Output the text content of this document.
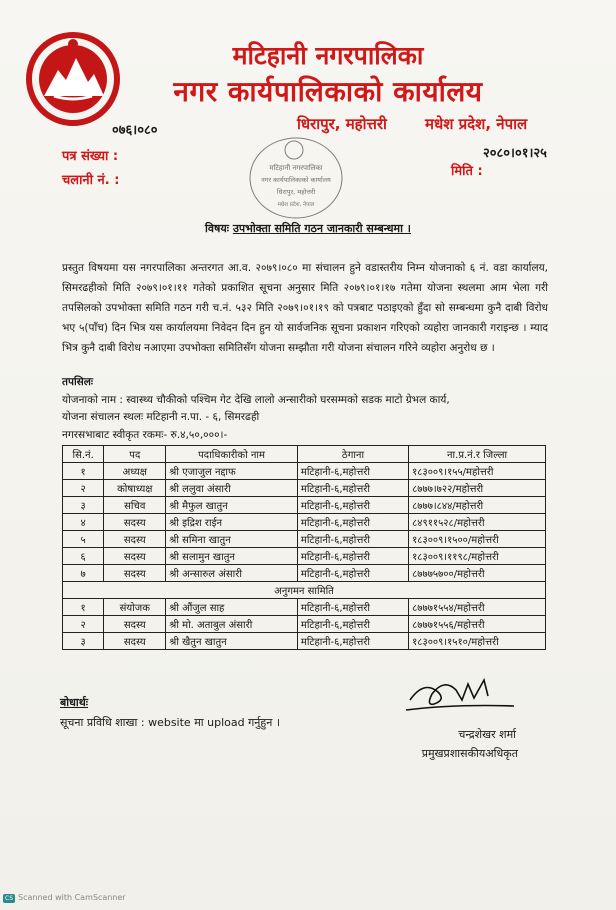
मटिहानी नगरपालिका
नगर कार्यपालिकाको कार्यालय
०७६।०८०	धिरापुर, महोत्तरी	मधेश प्रदेश, नेपाल
पत्र संख्या :
चलानी नं. :
२०८०।०१।२५
मिति :
मटिहानी नगरपालिका
नगर कार्यपालिकाको कार्यालय
धिरापुर, महोत्तरी
मधेश प्रदेश, नेपाल
विषयः उपभोक्ता समिति गठन जानकारी सम्बन्धमा ।
प्रस्तुत विषयमा यस नगरपालिका अन्तरगत आ.व. २०७९।०८० मा संचालन हुने वडास्तरीय निम्न योजनाको ६ नं. वडा कार्यालय, सिमरढहीको मिति २०७९।०१।११ गतेको प्रकाशित सूचना अनुसार मिति २०७९।०१।१७ गतेमा योजना स्थलमा आम भेला गरी तपसिलको उपभोक्ता समिति गठन गरी च.नं. ५३२ मिति २०७९।०१।१९ को पत्रबाट पठाइएको हुँदा सो सम्बन्धमा कुनै दाबी विरोध भए ५(पाँच) दिन भित्र यस कार्यालयमा निवेदन दिन हुन यो सार्वजनिक सूचना प्रकाशन गरिएको व्यहोरा जानकारी गराइन्छ । म्याद भित्र कुनै दाबी विरोध नआएमा उपभोक्ता समितिसँग योजना सम्झौता गरी योजना संचालन गरिने व्यहोरा अनुरोध छ ।
तपसिलः
योजनाको नाम : स्वास्थ्य चौकीको पश्चिम गेट देखि लालो अन्सारीको घरसम्मको सडक माटो ग्रेभल कार्य,
योजना संचालन स्थलः मटिहानी न.पा. - ६, सिमरढही
नगरसभाबाट स्वीकृत रकमः- रु.४,५०,०००।-
सि.नं.	पद	पदाधिकारीको नाम	ठेगाना	ना.प्र.नं.र जिल्ला
१	अध्यक्ष	श्री एजाजुल नद्दाफ	मटिहानी-६,महोत्तरी	१८३००९।१५५/महोत्तरी
२	कोषाध्यक्ष	श्री ललुवा अंसारी	मटिहानी-६,महोत्तरी	८७७७।७२२/महोत्तरी
३	सचिव	श्री मैफुल खातुन	मटिहानी-६,महोत्तरी	८७७७।८४४/महोत्तरी
४	सदस्य	श्री इद्रिश राईन	मटिहानी-६,महोत्तरी	८४९११५२८/महोत्तरी
५	सदस्य	श्री समिना खातुन	मटिहानी-६,महोत्तरी	१८३००९।१५००/महोत्तरी
६	सदस्य	श्री सलामुन खातुन	मटिहानी-६,महोत्तरी	१८३००९।११९८/महोत्तरी
७	सदस्य	श्री अन्सारुल अंसारी	मटिहानी-६,महोत्तरी	८७७७५७००/महोत्तरी
अनुगमन सामिति				
१	संयोजक	श्री औंजुल साह	मटिहानी-६,महोत्तरी	८७७७१५५४/महोत्तरी
२	सदस्य	श्री मो. अताबुल अंसारी	मटिहानी-६,महोत्तरी	८७७७१५५६/महोत्तरी
३	सदस्य	श्री खैतुन खातुन	मटिहानी-६,महोत्तरी	१८३००९।१५१०/महोत्तरी
बोधार्थः
सूचना प्रविधि शाखा : website मा upload गर्नुहुन ।
चन्द्रशेखर शर्मा
प्रमुखप्रशासकीयअधिकृत
CS Scanned with CamScanner
